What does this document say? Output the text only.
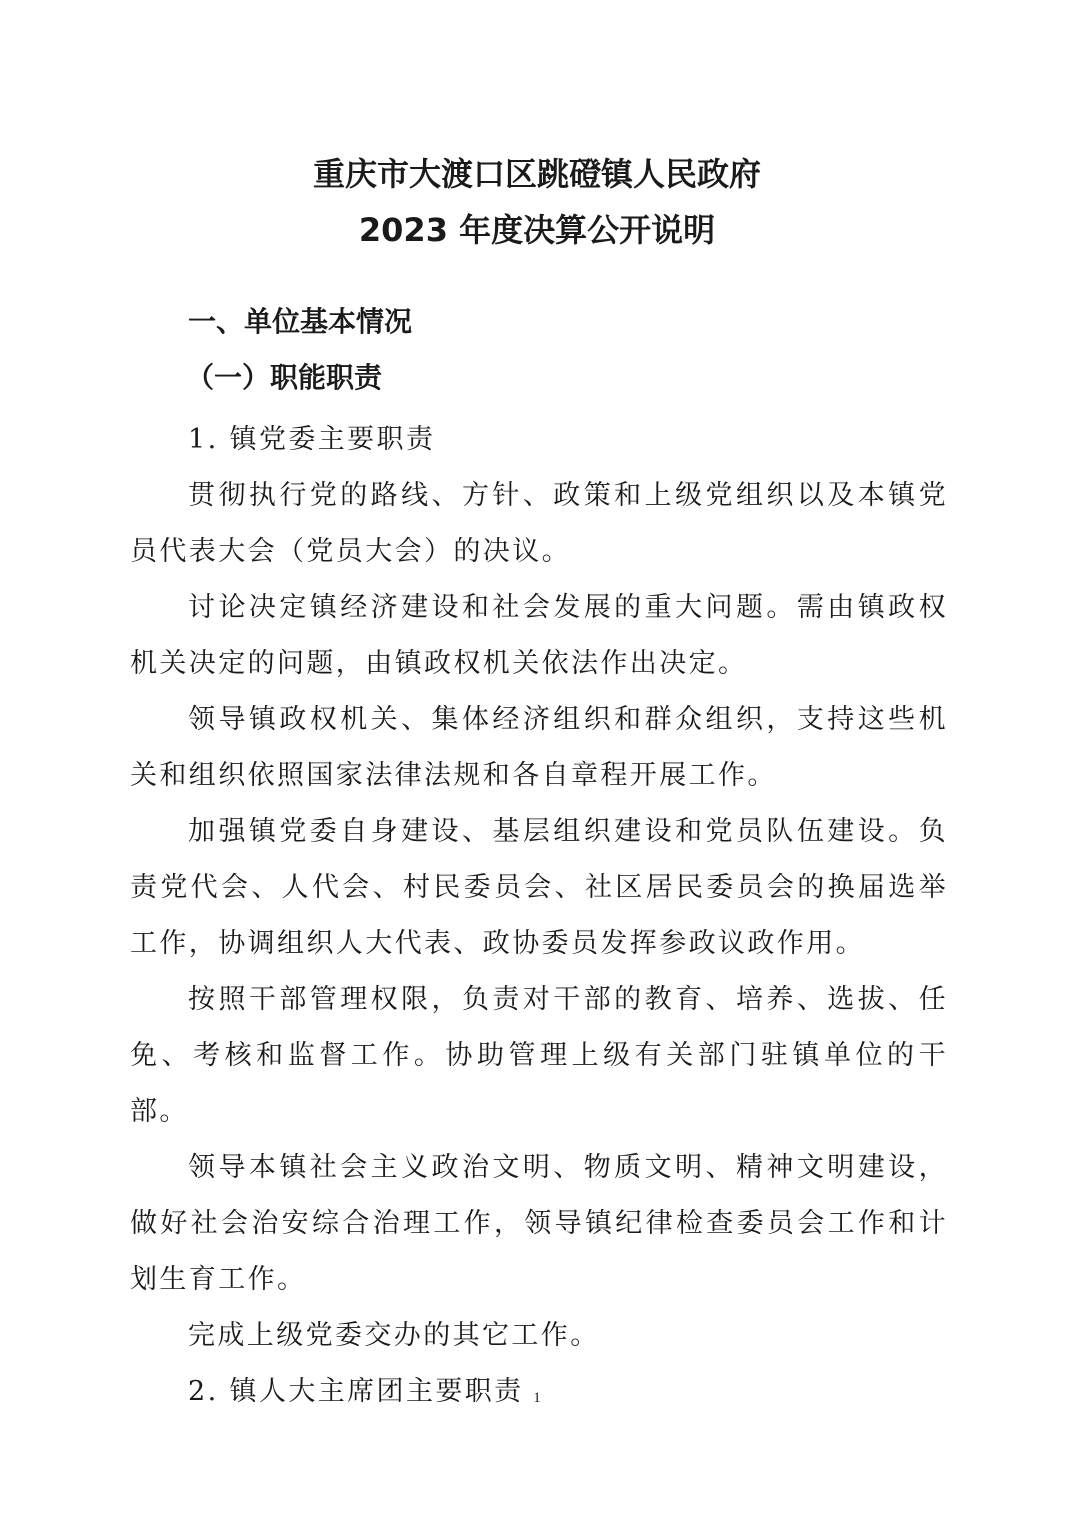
重庆市大渡口区跳磴镇人民政府
2023 年度决算公开说明
一、单位基本情况
（一）职能职责
1. 镇党委主要职责

贯彻执行党的路线、方针、政策和上级党组织以及本镇党员代表大会（党员大会）的决议。

讨论决定镇经济建设和社会发展的重大问题。需由镇政权机关决定的问题，由镇政权机关依法作出决定。

领导镇政权机关、集体经济组织和群众组织，支持这些机关和组织依照国家法律法规和各自章程开展工作。

加强镇党委自身建设、基层组织建设和党员队伍建设。负责党代会、人代会、村民委员会、社区居民委员会的换届选举工作，协调组织人大代表、政协委员发挥参政议政作用。

按照干部管理权限，负责对干部的教育、培养、选拔、任免、考核和监督工作。协助管理上级有关部门驻镇单位的干部。

领导本镇社会主义政治文明、物质文明、精神文明建设，做好社会治安综合治理工作，领导镇纪律检查委员会工作和计划生育工作。

完成上级党委交办的其它工作。

2. 镇人大主席团主要职责 1
